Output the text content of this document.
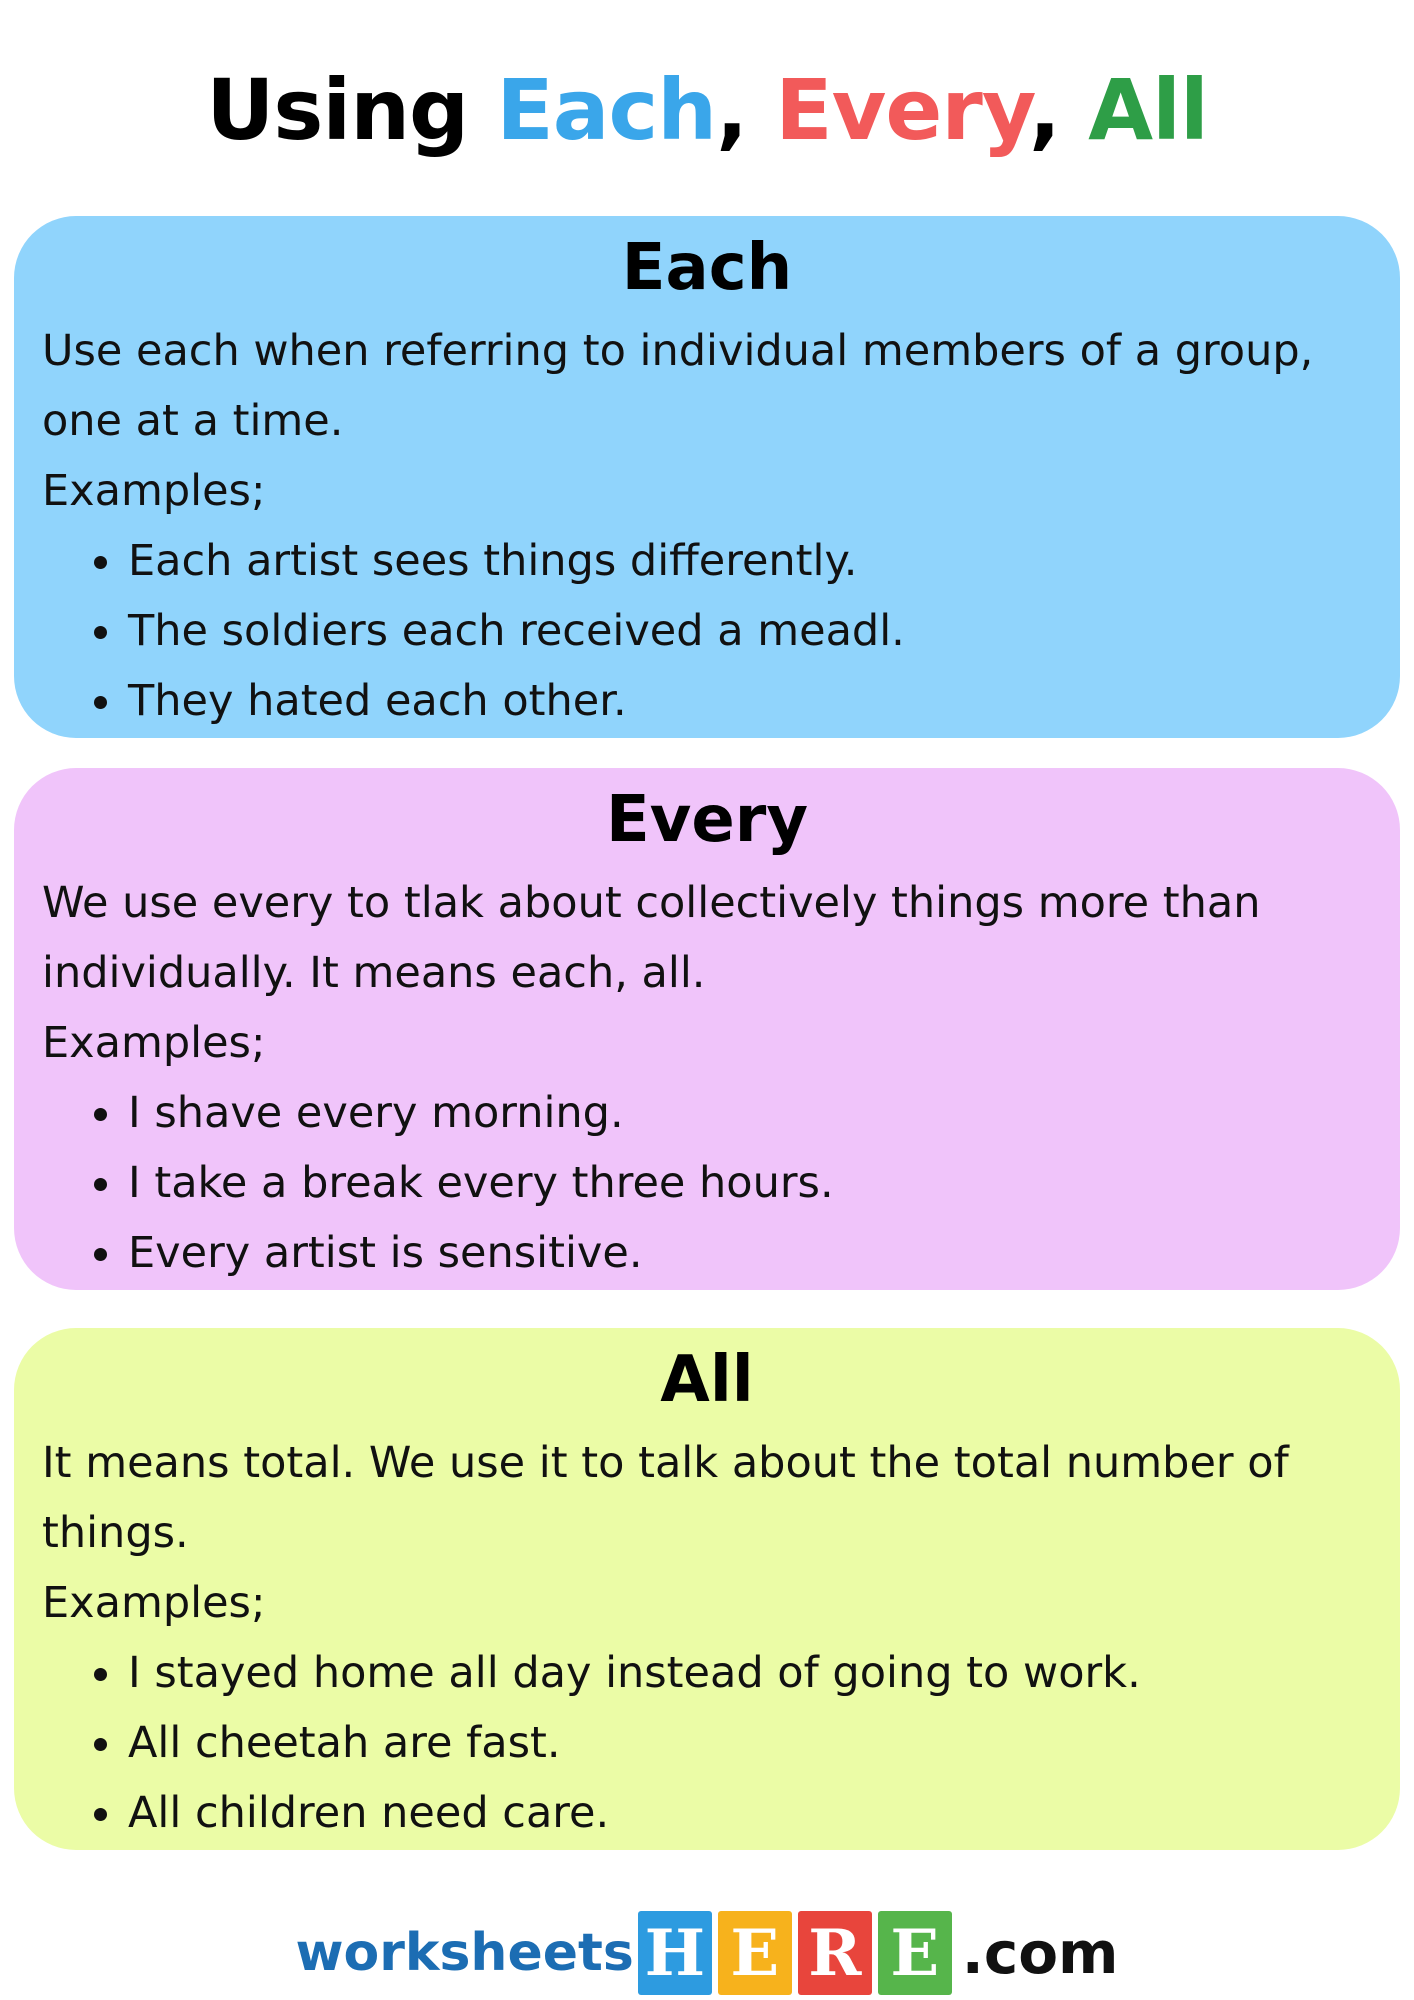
Using Each, Every, All
Each
Use each when referring to individual members of a group, one at a time.
Examples;
Each artist sees things differently.
The soldiers each received a meadl.
They hated each other.
Every
We use every to tlak about collectively things more than individually. It means each, all.
Examples;
I shave every morning.
I take a break every three hours.
Every artist is sensitive.
All
It means total. We use it to talk about the total number of things.
Examples;
I stayed home all day instead of going to work.
All cheetah are fast.
All children need care.
worksheets H E R E .com
